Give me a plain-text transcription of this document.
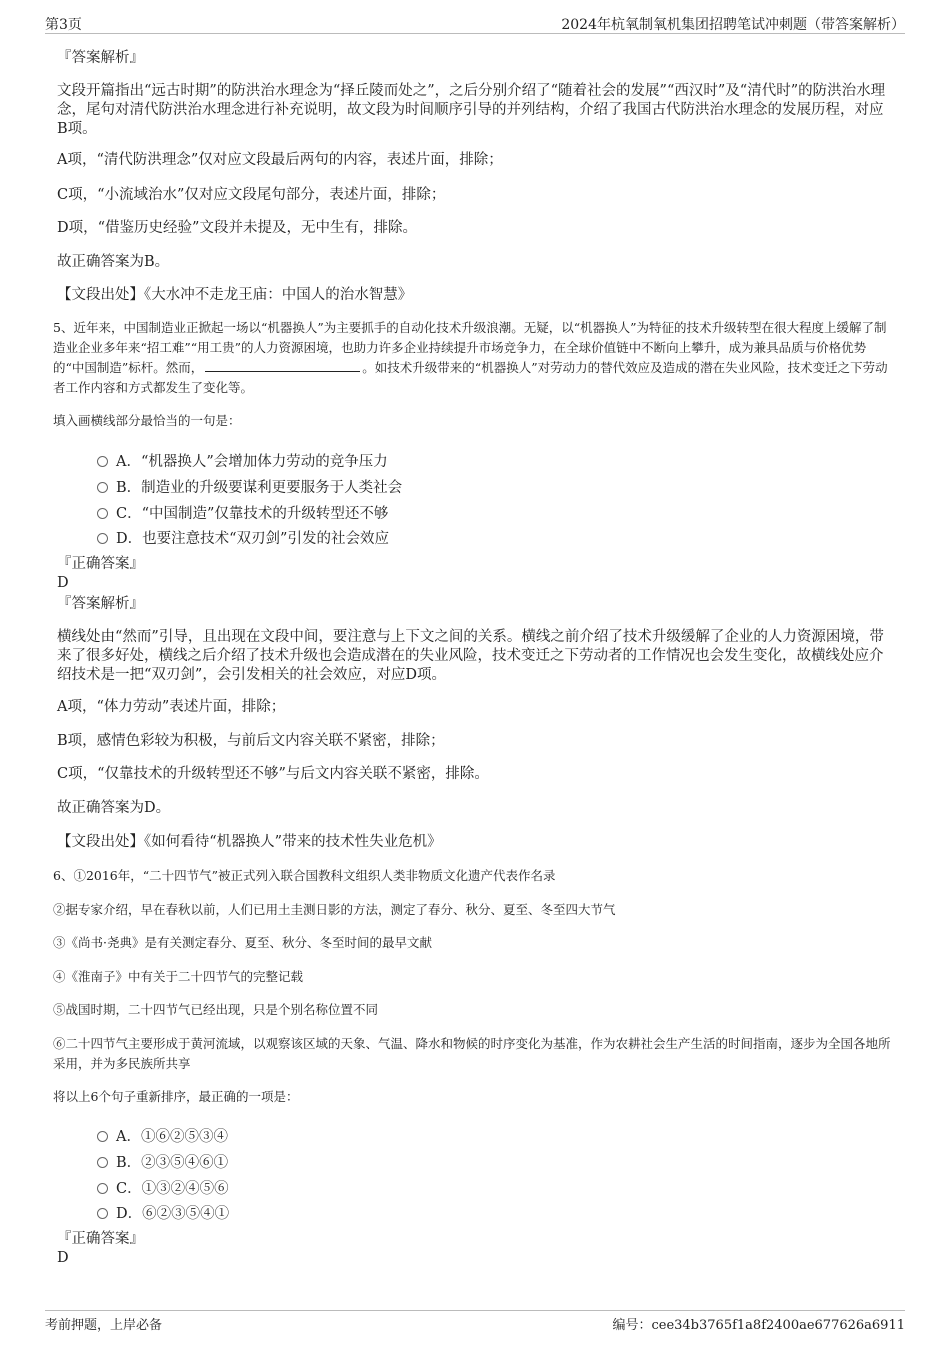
第3页	2024年杭氧制氧机集团招聘笔试冲刺题（带答案解析）

『答案解析』

文段开篇指出“远古时期”的防洪治水理念为“择丘陵而处之”，之后分别介绍了“随着社会的发展”“西汉时”及“清代时”的防洪治水理念，尾句对清代防洪治水理念进行补充说明，故文段为时间顺序引导的并列结构，介绍了我国古代防洪治水理念的发展历程，对应B项。

A项，“清代防洪理念”仅对应文段最后两句的内容，表述片面，排除；

C项，“小流域治水”仅对应文段尾句部分，表述片面，排除；

D项，“借鉴历史经验”文段并未提及，无中生有，排除。

故正确答案为B。

【文段出处】《大水冲不走龙王庙：中国人的治水智慧》

5、近年来，中国制造业正掀起一场以“机器换人”为主要抓手的自动化技术升级浪潮。无疑，以“机器换人”为特征的技术升级转型在很大程度上缓解了制造业企业多年来“招工难”“用工贵”的人力资源困境，也助力许多企业持续提升市场竞争力，在全球价值链中不断向上攀升，成为兼具品质与价格优势的“中国制造”标杆。然而，	。如技术升级带来的“机器换人”对劳动力的替代效应及造成的潜在失业风险，技术变迁之下劳动者工作内容和方式都发生了变化等。

填入画横线部分最恰当的一句是：

A．“机器换人”会增加体力劳动的竞争压力
B．制造业的升级要谋利更要服务于人类社会
C．“中国制造”仅靠技术的升级转型还不够
D．也要注意技术“双刃剑”引发的社会效应

『正确答案』

D

『答案解析』

横线处由“然而”引导，且出现在文段中间，要注意与上下文之间的关系。横线之前介绍了技术升级缓解了企业的人力资源困境，带来了很多好处，横线之后介绍了技术升级也会造成潜在的失业风险，技术变迁之下劳动者的工作情况也会发生变化，故横线处应介绍技术是一把“双刃剑”，会引发相关的社会效应，对应D项。

A项，“体力劳动”表述片面，排除；

B项，感情色彩较为积极，与前后文内容关联不紧密，排除；

C项，“仅靠技术的升级转型还不够”与后文内容关联不紧密，排除。

故正确答案为D。

【文段出处】《如何看待“机器换人”带来的技术性失业危机》

6、①2016年，“二十四节气”被正式列入联合国教科文组织人类非物质文化遗产代表作名录

②据专家介绍，早在春秋以前，人们已用土圭测日影的方法，测定了春分、秋分、夏至、冬至四大节气

③《尚书·尧典》是有关测定春分、夏至、秋分、冬至时间的最早文献

④《淮南子》中有关于二十四节气的完整记载

⑤战国时期，二十四节气已经出现，只是个别名称位置不同

⑥二十四节气主要形成于黄河流域，以观察该区域的天象、气温、降水和物候的时序变化为基准，作为农耕社会生产生活的时间指南，逐步为全国各地所采用，并为多民族所共享

将以上6个句子重新排序，最正确的一项是：

A．①⑥②⑤③④
B．②③⑤④⑥①
C．①③②④⑤⑥
D．⑥②③⑤④①

『正确答案』

D

考前押题，上岸必备	编号：cee34b3765f1a8f2400ae677626a6911
